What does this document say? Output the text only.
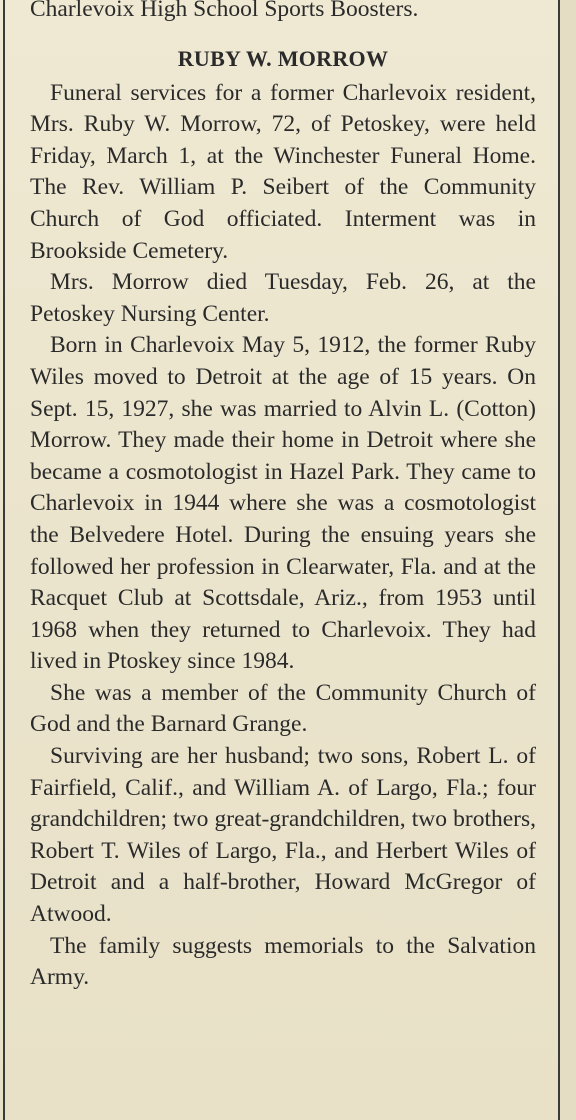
Charlevoix High School Sports Boosters.

RUBY W. MORROW

Funeral services for a former Charlevoix resident, Mrs. Ruby W. Morrow, 72, of Petoskey, were held Friday, March 1, at the Winchester Funeral Home. The Rev. William P. Seibert of the Community Church of God officiated. Interment was in Brookside Cemetery.

Mrs. Morrow died Tuesday, Feb. 26, at the Petoskey Nursing Center.

Born in Charlevoix May 5, 1912, the former Ruby Wiles moved to Detroit at the age of 15 years. On Sept. 15, 1927, she was married to Alvin L. (Cotton) Morrow. They made their home in Detroit where she became a cosmotologist in Hazel Park. They came to Charlevoix in 1944 where she was a cosmotologist the Belvedere Hotel. During the ensuing years she followed her profession in Clearwater, Fla. and at the Racquet Club at Scottsdale, Ariz., from 1953 until 1968 when they returned to Charlevoix. They had lived in Ptoskey since 1984.

She was a member of the Community Church of God and the Barnard Grange.

Surviving are her husband; two sons, Robert L. of Fairfield, Calif., and William A. of Largo, Fla.; four grandchildren; two great-grandchildren, two brothers, Robert T. Wiles of Largo, Fla., and Herbert Wiles of Detroit and a half-brother, Howard McGregor of Atwood.

The family suggests memorials to the Salvation Army.
